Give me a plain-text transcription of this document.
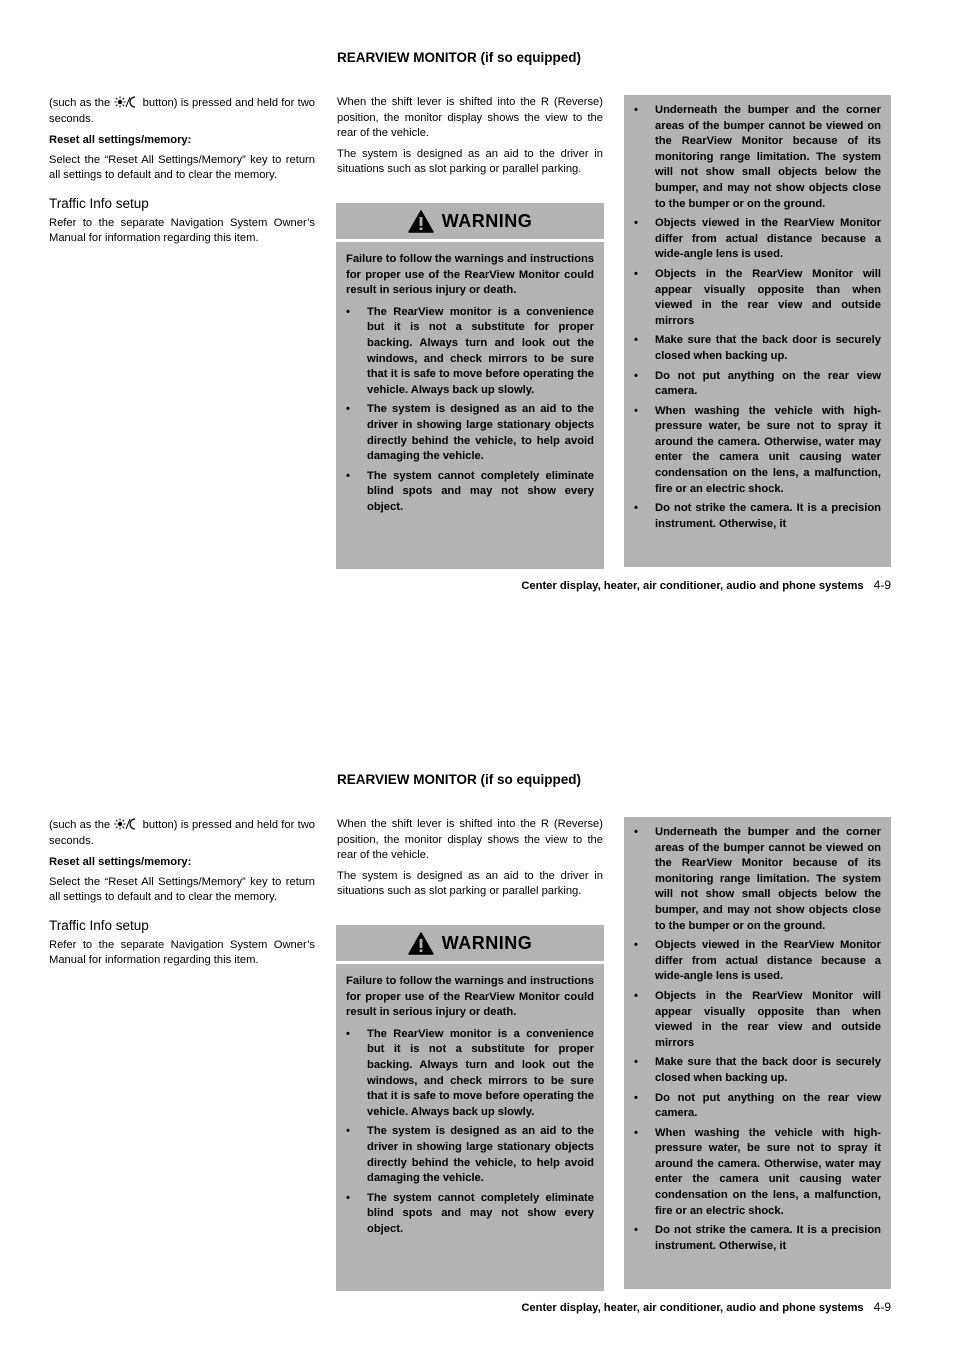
(such as the	button) is pressed and held for two seconds.

Reset all settings/memory:

Select the “Reset All Settings/Memory” key to return all settings to default and to clear the memory.

Traffic Info setup

Refer to the separate Navigation System Owner’s Manual for information regarding this item.

REARVIEW MONITOR (if so equipped)

When the shift lever is shifted into the R (Reverse) position, the monitor display shows the view to the rear of the vehicle.

The system is designed as an aid to the driver in situations such as slot parking or parallel parking.

WARNING

Failure to follow the warnings and instructions for proper use of the RearView Monitor could result in serious injury or death.

• The RearView monitor is a convenience but it is not a substitute for proper backing. Always turn and look out the windows, and check mirrors to be sure that it is safe to move before operating the vehicle. Always back up slowly.
• The system is designed as an aid to the driver in showing large stationary objects directly behind the vehicle, to help avoid damaging the vehicle.
• The system cannot completely eliminate blind spots and may not show every object.
• Underneath the bumper and the corner areas of the bumper cannot be viewed on the RearView Monitor because of its monitoring range limitation. The system will not show small objects below the bumper, and may not show objects close to the bumper or on the ground.
• Objects viewed in the RearView Monitor differ from actual distance because a wide-angle lens is used.
• Objects in the RearView Monitor will appear visually opposite than when viewed in the rear view and outside mirrors
• Make sure that the back door is securely closed when backing up.
• Do not put anything on the rear view camera.
• When washing the vehicle with high-pressure water, be sure not to spray it around the camera. Otherwise, water may enter the camera unit causing water condensation on the lens, a malfunction, fire or an electric shock.
• Do not strike the camera. It is a precision instrument. Otherwise, it
Center display, heater, air conditioner, audio and phone systems 4-9

(such as the	button) is pressed and held for two seconds.

Reset all settings/memory:

Select the “Reset All Settings/Memory” key to return all settings to default and to clear the memory.

Traffic Info setup

Refer to the separate Navigation System Owner’s Manual for information regarding this item.

REARVIEW MONITOR (if so equipped)

When the shift lever is shifted into the R (Reverse) position, the monitor display shows the view to the rear of the vehicle.

The system is designed as an aid to the driver in situations such as slot parking or parallel parking.

WARNING

Failure to follow the warnings and instructions for proper use of the RearView Monitor could result in serious injury or death.

• The RearView monitor is a convenience but it is not a substitute for proper backing. Always turn and look out the windows, and check mirrors to be sure that it is safe to move before operating the vehicle. Always back up slowly.
• The system is designed as an aid to the driver in showing large stationary objects directly behind the vehicle, to help avoid damaging the vehicle.
• The system cannot completely eliminate blind spots and may not show every object.
• Underneath the bumper and the corner areas of the bumper cannot be viewed on the RearView Monitor because of its monitoring range limitation. The system will not show small objects below the bumper, and may not show objects close to the bumper or on the ground.
• Objects viewed in the RearView Monitor differ from actual distance because a wide-angle lens is used.
• Objects in the RearView Monitor will appear visually opposite than when viewed in the rear view and outside mirrors
• Make sure that the back door is securely closed when backing up.
• Do not put anything on the rear view camera.
• When washing the vehicle with high-pressure water, be sure not to spray it around the camera. Otherwise, water may enter the camera unit causing water condensation on the lens, a malfunction, fire or an electric shock.
• Do not strike the camera. It is a precision instrument. Otherwise, it
Center display, heater, air conditioner, audio and phone systems 4-9
